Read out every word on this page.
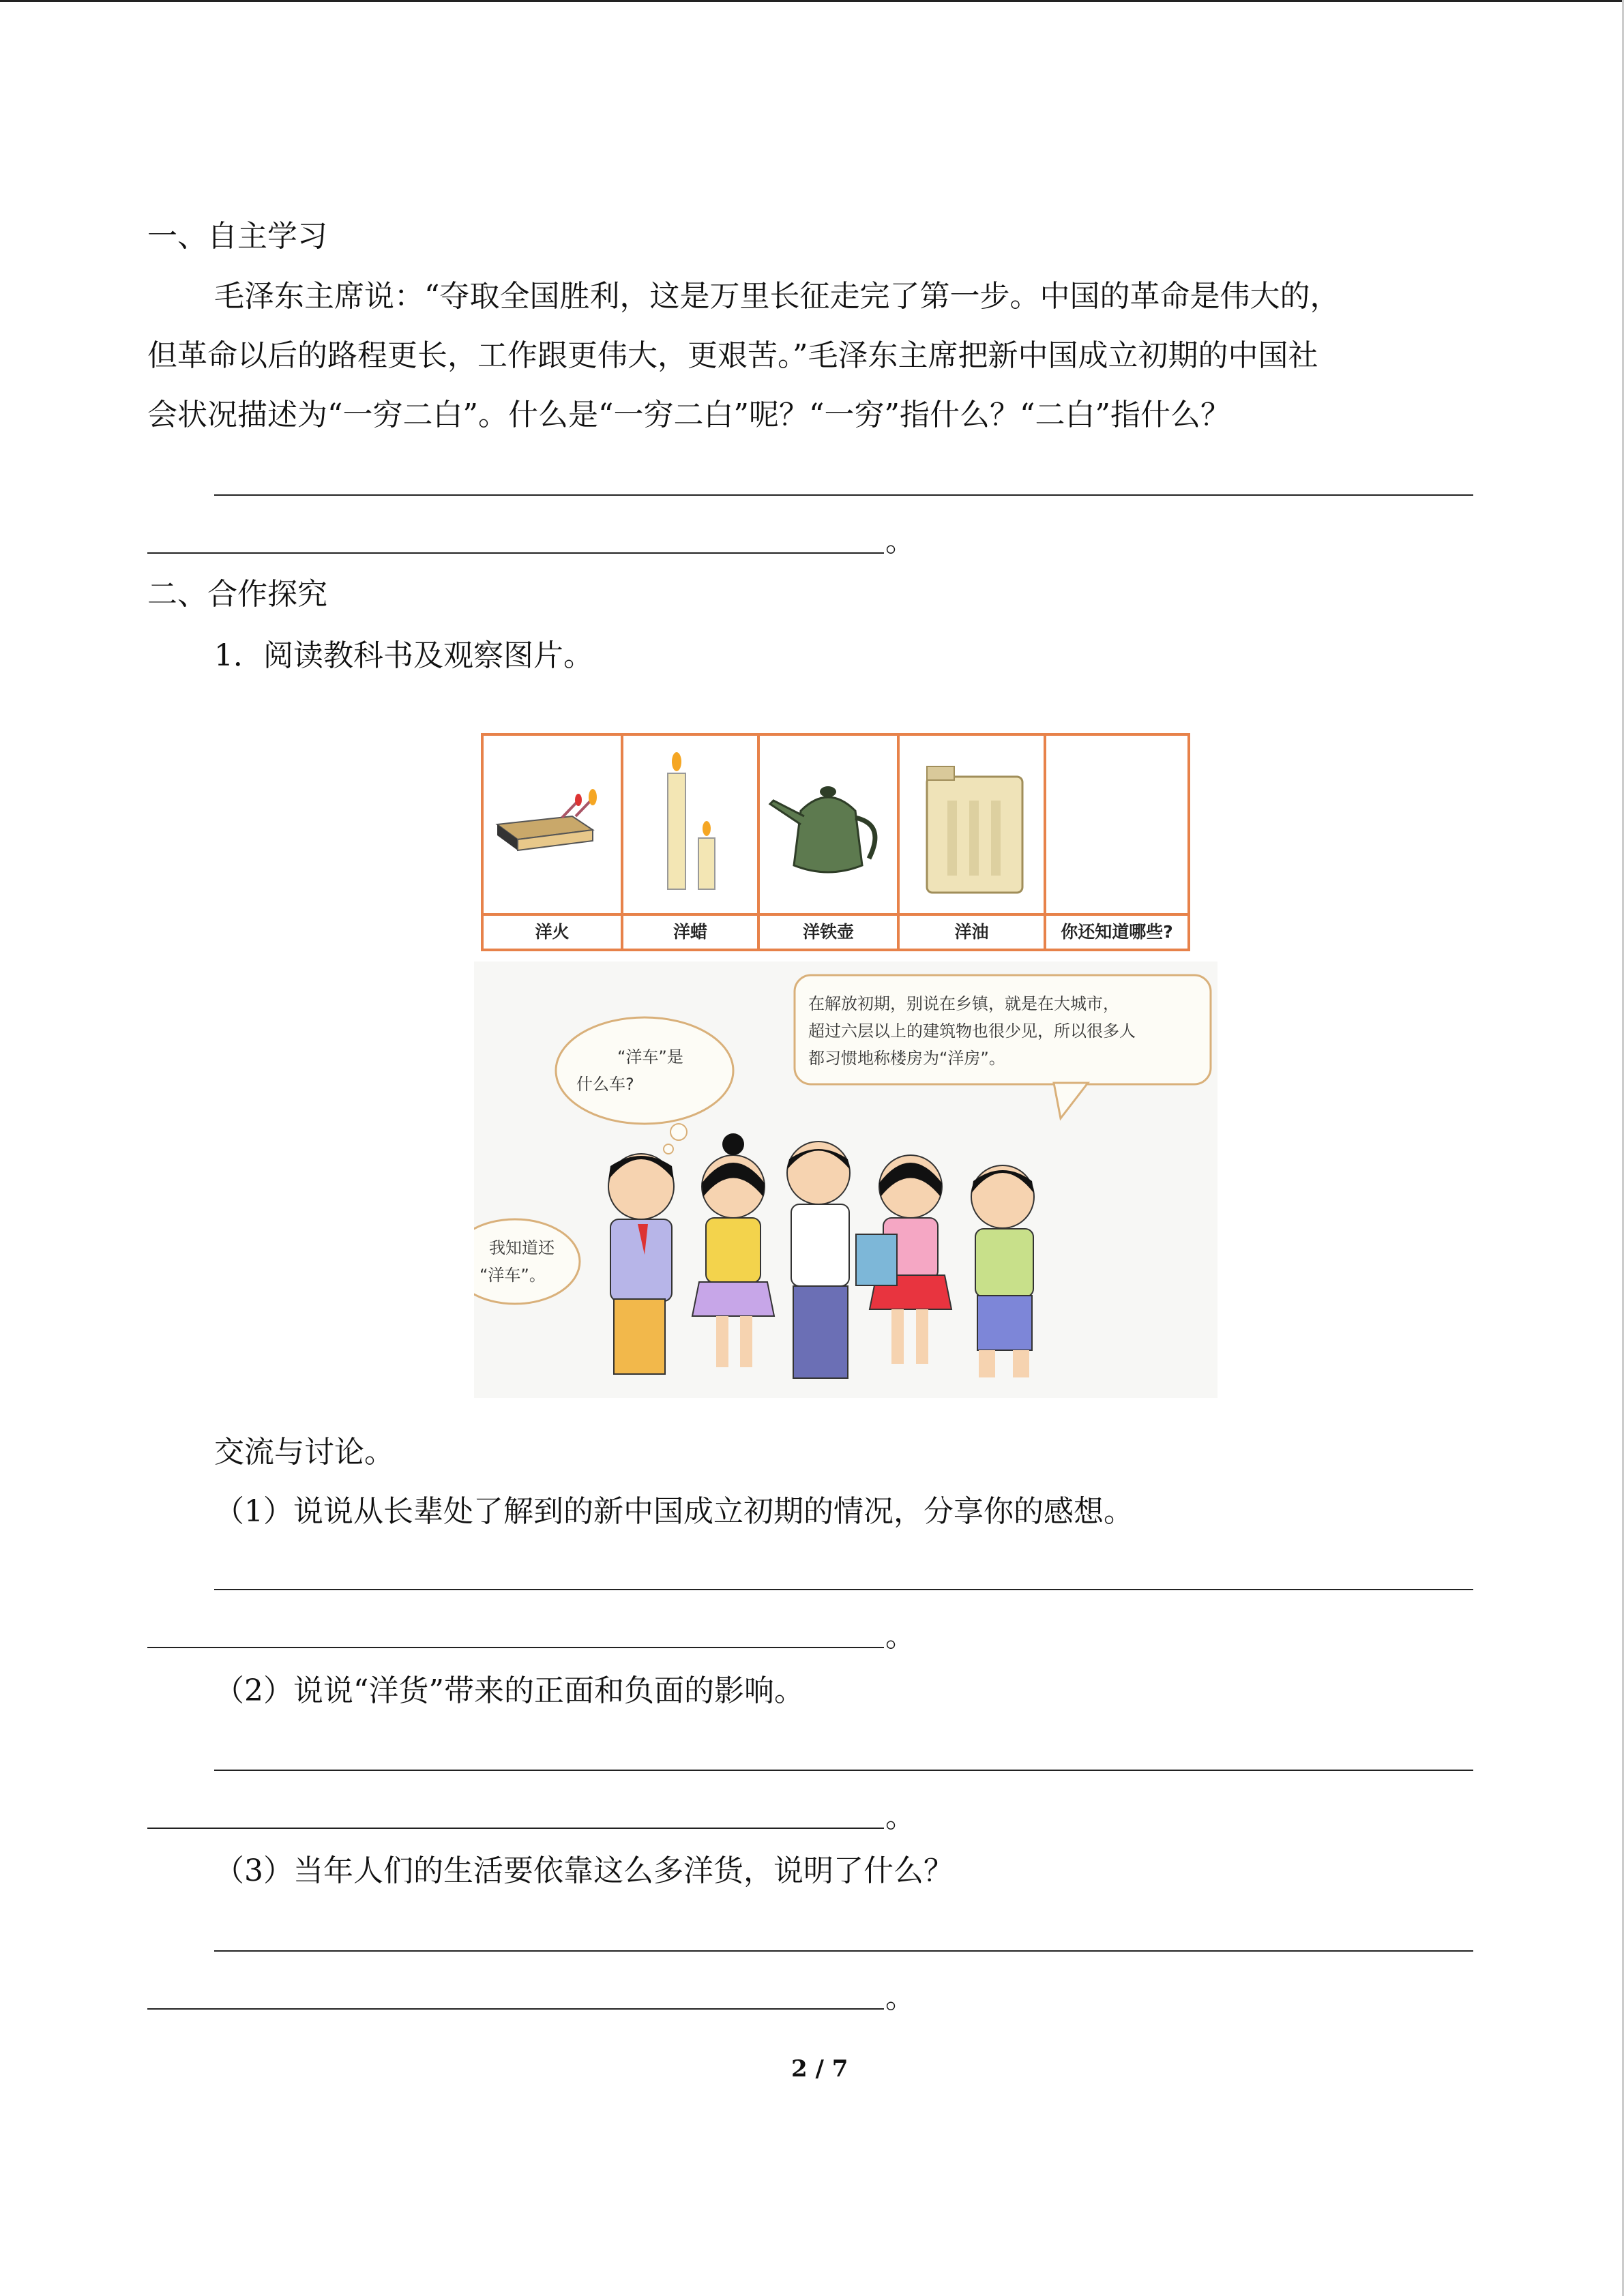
一、自主学习
毛泽东主席说：“夺取全国胜利，这是万里长征走完了第一步。中国的革命是伟大的，
但革命以后的路程更长，工作跟更伟大，更艰苦。”毛泽东主席把新中国成立初期的中国社
会状况描述为“一穷二白”。什么是“一穷二白”呢？“一穷”指什么？“二白”指什么？
。
二、合作探究
1．阅读教科书及观察图片。
洋火	洋蜡	洋铁壶	洋油	你还知道哪些?
在解放初期，别说在乡镇，就是在大城市，
超过六层以上的建筑物也很少见，所以很多人
都习惯地称楼房为“洋房”。
“洋车”是
什么车?
我知道还
“洋车”。
交流与讨论。
（1）说说从长辈处了解到的新中国成立初期的情况，分享你的感想。
。
（2）说说“洋货”带来的正面和负面的影响。
。
（3）当年人们的生活要依靠这么多洋货，说明了什么？
。
2 / 7
